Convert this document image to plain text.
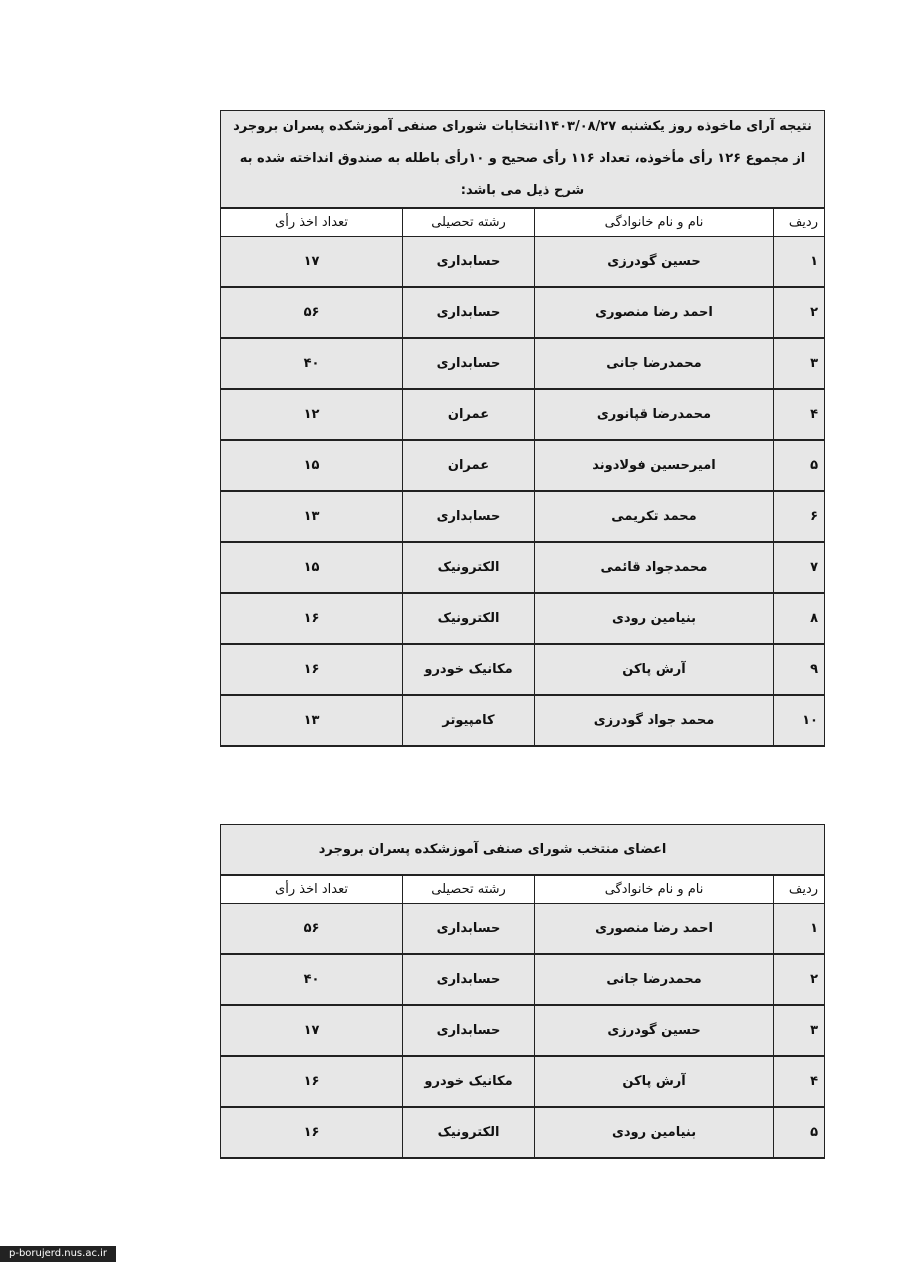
نتیجه آرای ماخوذه روز یکشنبه ۱۴۰۳/۰۸/۲۷انتخابات شورای صنفی آموزشکده پسران بروجرد از مجموع ۱۲۶ رأی مأخوذه، تعداد ۱۱۶ رأی صحیح و ۱۰رأی باطله به صندوق انداخته شده به شرح ذیل می باشد:			
ردیف	نام و نام خانوادگی	رشته تحصیلی	تعداد اخذ رأی
۱	حسین گودرزی	حسابداری	۱۷
۲	احمد رضا منصوری	حسابداری	۵۶
۳	محمدرضا جانی	حسابداری	۴۰
۴	محمدرضا قپانوری	عمران	۱۲
۵	امیرحسین فولادوند	عمران	۱۵
۶	محمد تکریمی	حسابداری	۱۳
۷	محمدجواد قائمی	الکترونیک	۱۵
۸	بنیامین رودی	الکترونیک	۱۶
۹	آرش پاکن	مکانیک خودرو	۱۶
۱۰	محمد جواد گودرزی	کامپیوتر	۱۳
اعضای منتخب شورای صنفی آموزشکده پسران بروجرد			
ردیف	نام و نام خانوادگی	رشته تحصیلی	تعداد اخذ رأی
۱	احمد رضا منصوری	حسابداری	۵۶
۲	محمدرضا جانی	حسابداری	۴۰
۳	حسین گودرزی	حسابداری	۱۷
۴	آرش پاکن	مکانیک خودرو	۱۶
۵	بنیامین رودی	الکترونیک	۱۶
p-borujerd.nus.ac.ir
